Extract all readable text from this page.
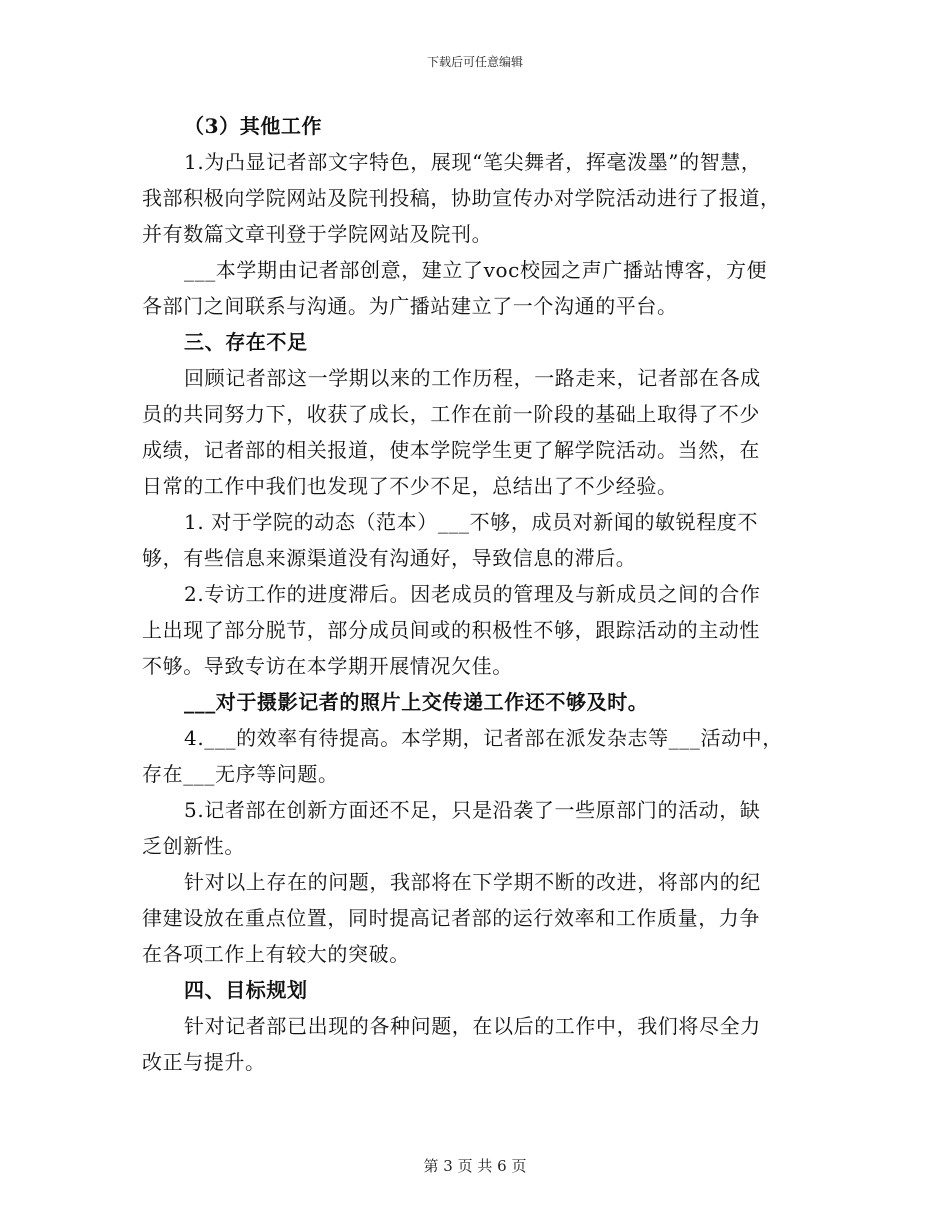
下载后可任意编辑
（3）其他工作
1.为凸显记者部文字特色，展现“笔尖舞者，挥毫泼墨”的智慧，
我部积极向学院网站及院刊投稿，协助宣传办对学院活动进行了报道，
并有数篇文章刊登于学院网站及院刊。
___本学期由记者部创意，建立了voc校园之声广播站博客，方便
各部门之间联系与沟通。为广播站建立了一个沟通的平台。
三、存在不足
回顾记者部这一学期以来的工作历程，一路走来，记者部在各成
员的共同努力下，收获了成长，工作在前一阶段的基础上取得了不少
成绩，记者部的相关报道，使本学院学生更了解学院活动。当然，在
日常的工作中我们也发现了不少不足，总结出了不少经验。
1. 对于学院的动态（范本）___不够，成员对新闻的敏锐程度不
够，有些信息来源渠道没有沟通好，导致信息的滞后。
2.专访工作的进度滞后。因老成员的管理及与新成员之间的合作
上出现了部分脱节，部分成员间或的积极性不够，跟踪活动的主动性
不够。导致专访在本学期开展情况欠佳。
___对于摄影记者的照片上交传递工作还不够及时。
4.___的效率有待提高。本学期，记者部在派发杂志等___活动中，
存在___无序等问题。
5.记者部在创新方面还不足，只是沿袭了一些原部门的活动，缺
乏创新性。
针对以上存在的问题，我部将在下学期不断的改进，将部内的纪
律建设放在重点位置，同时提高记者部的运行效率和工作质量，力争
在各项工作上有较大的突破。
四、目标规划
针对记者部已出现的各种问题，在以后的工作中，我们将尽全力
改正与提升。
第 3 页 共 6 页
